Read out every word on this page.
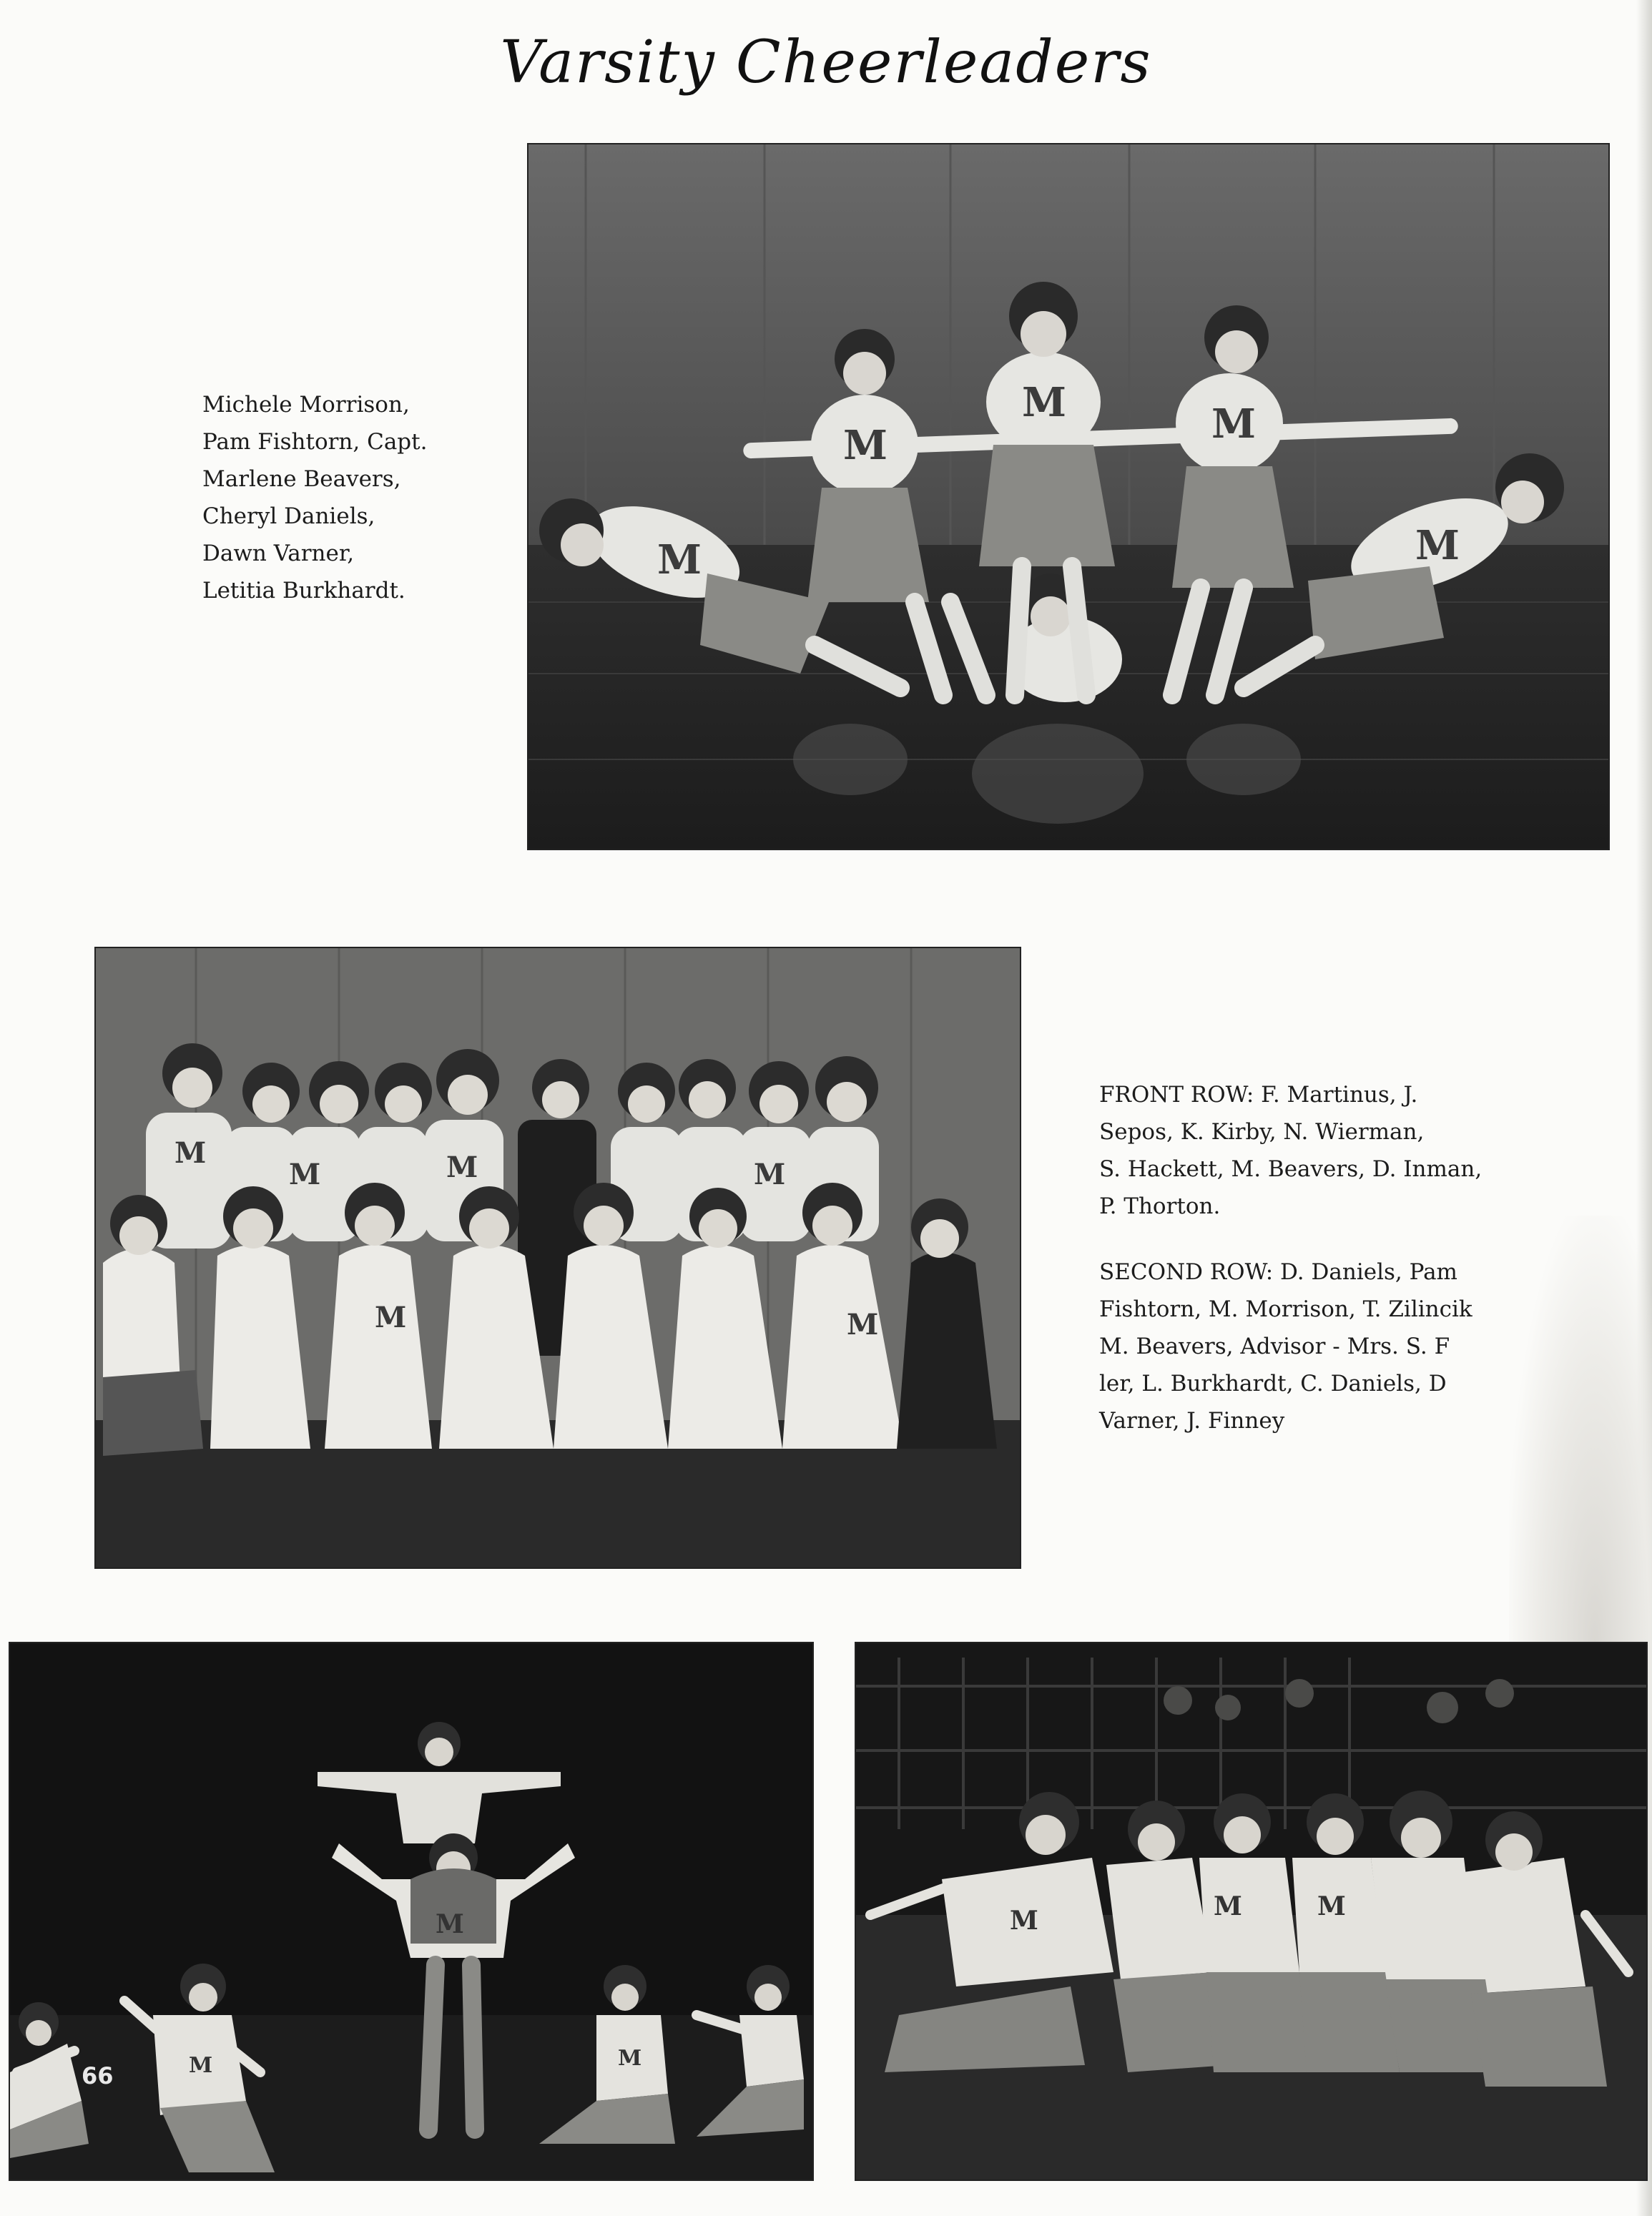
Varsity Cheerleaders
M
M
M	M
M
Michele Morrison,
Pam Fishtorn, Capt.
Marlene Beavers,
Cheryl Daniels,
Dawn Varner,
Letitia Burkhardt.
M
M	M	M
M	M
FRONT ROW: F. Martinus, J.
Sepos, K. Kirby, N. Wierman,
S. Hackett, M. Beavers, D. Inman,
P. Thorton.
SECOND ROW: D. Daniels, Pam
Fishtorn, M. Morrison, T. Zilincik
M. Beavers, Advisor - Mrs. S. F
ler, L. Burkhardt, C. Daniels, D
Varner, J. Finney
M
M	M
66
M	M	M
